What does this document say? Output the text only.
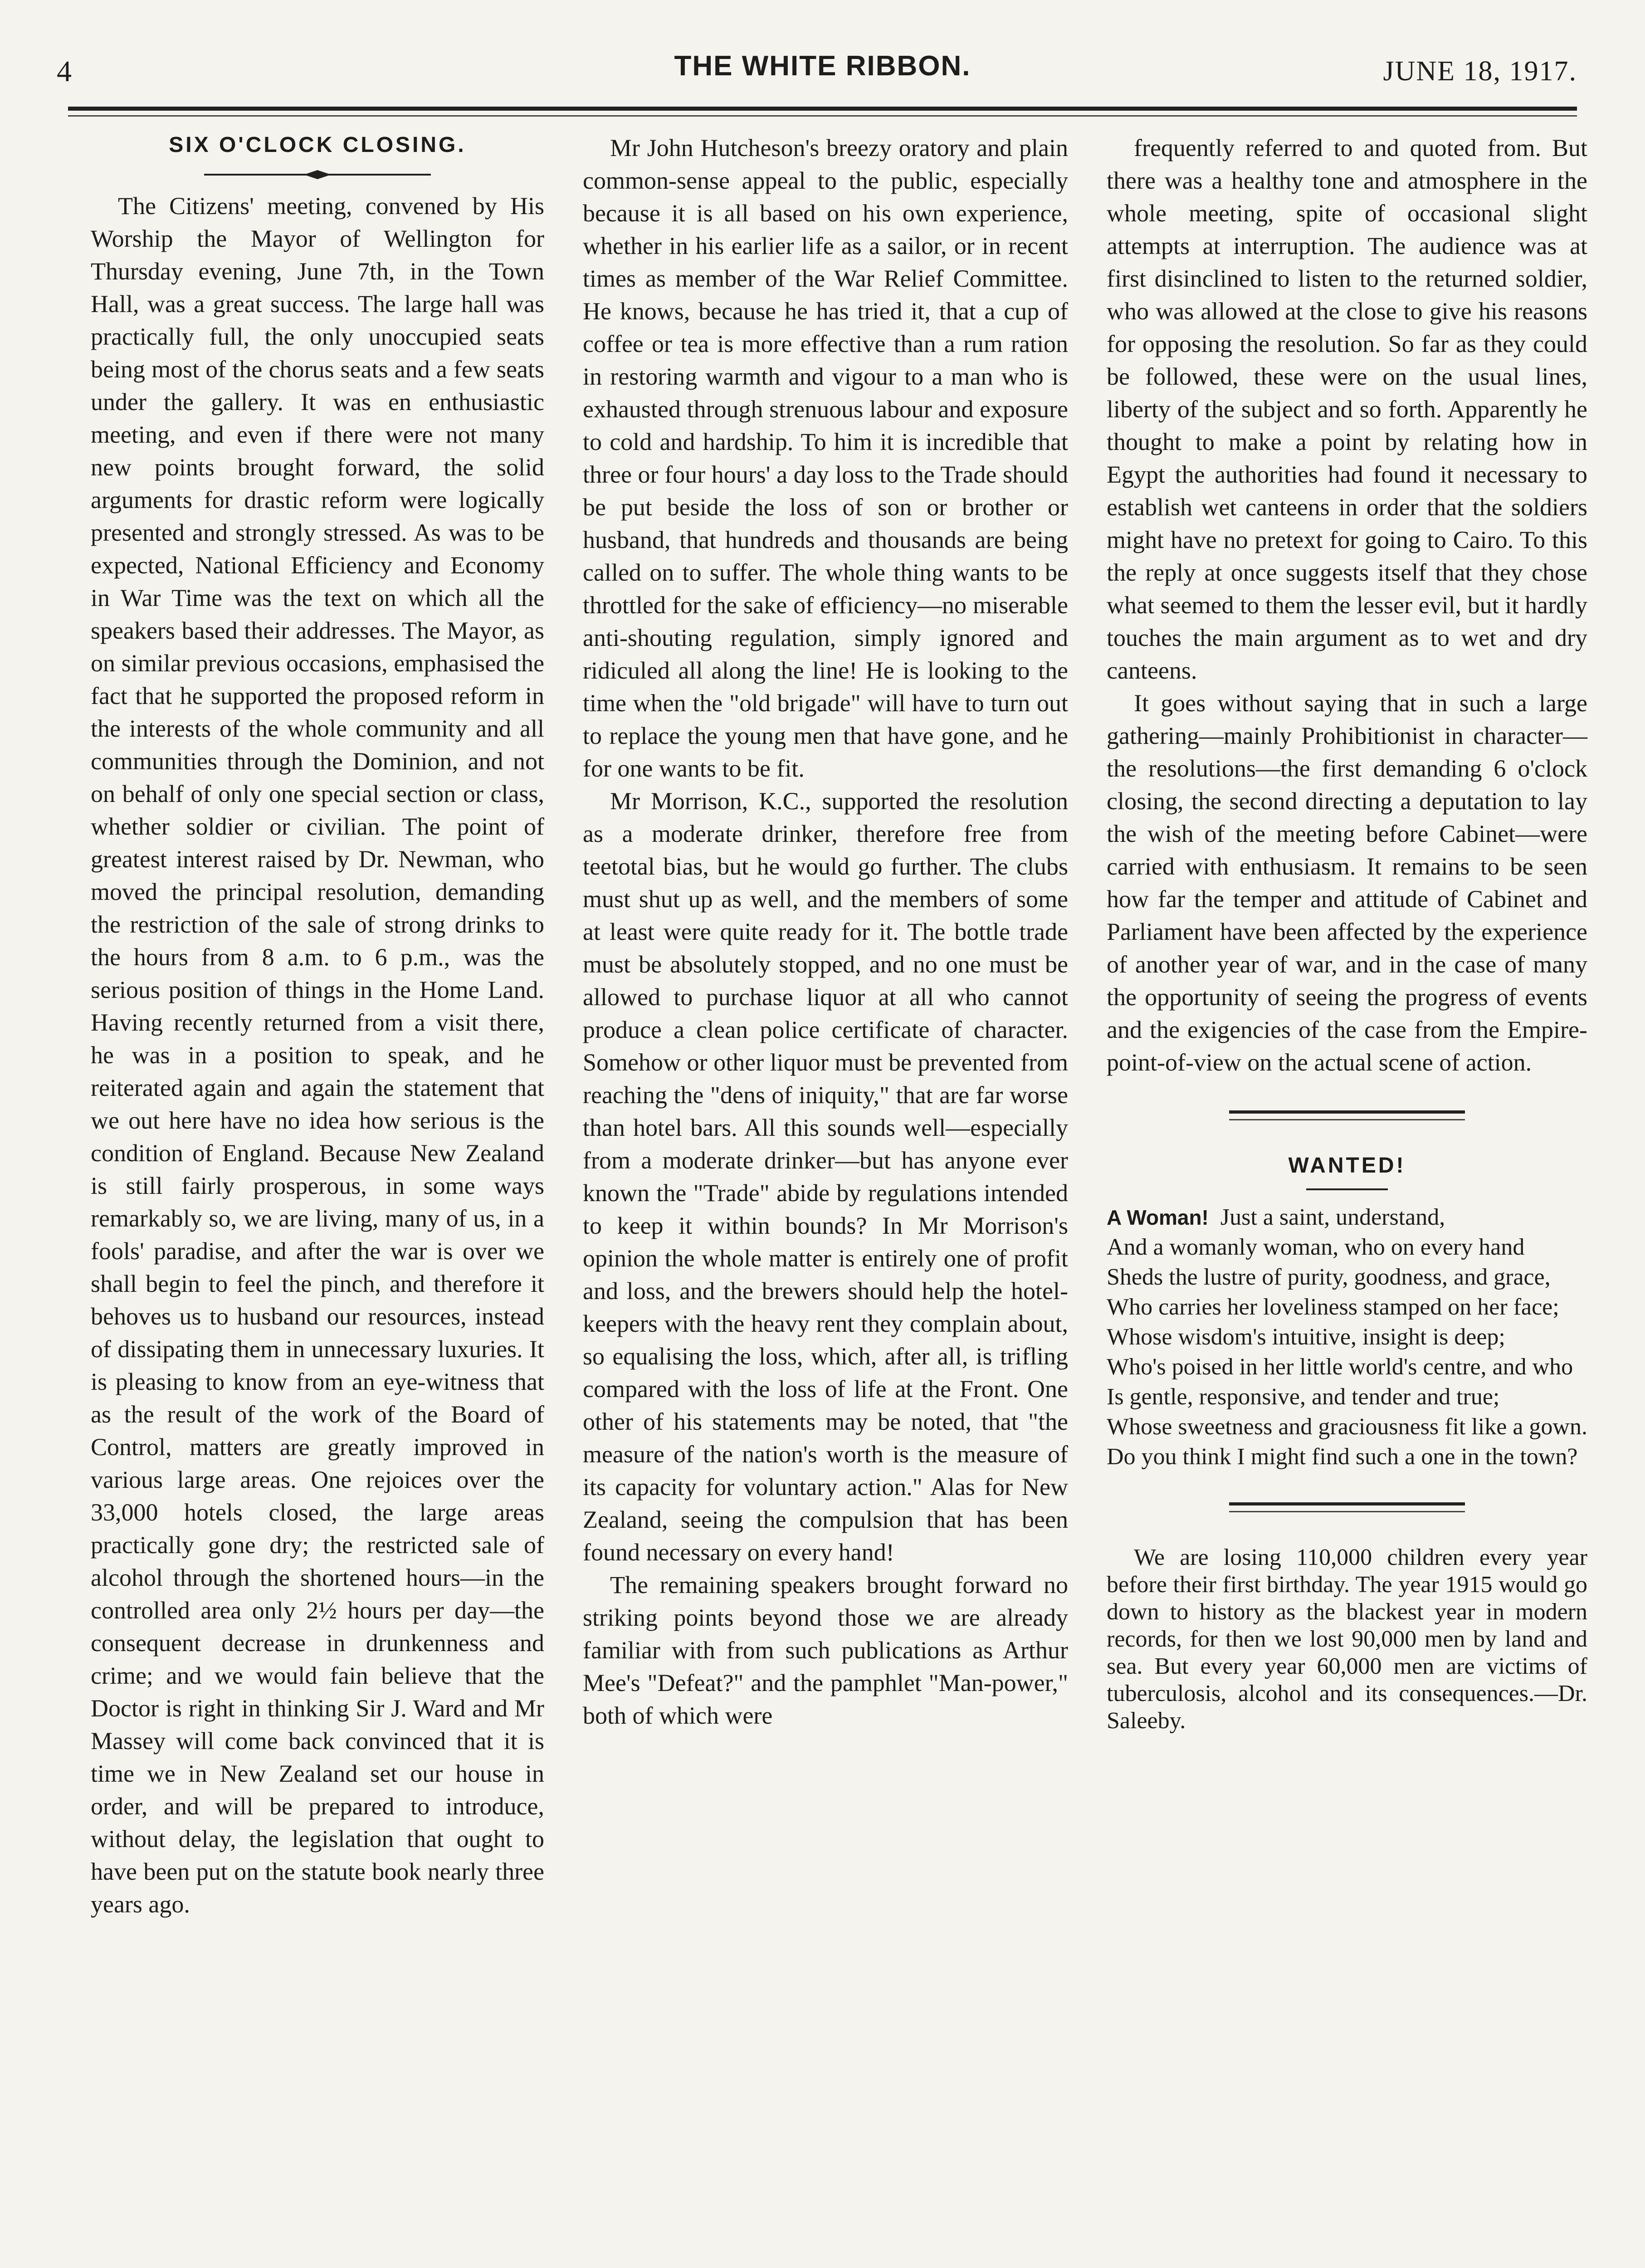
4	THE WHITE RIBBON.	JUNE 18, 1917.
SIX O'CLOCK CLOSING.

The Citizens' meeting, convened by His Worship the Mayor of Wellington for Thursday evening, June 7th, in the Town Hall, was a great success. The large hall was practically full, the only unoccupied seats being most of the chorus seats and a few seats under the gallery. It was en enthusiastic meeting, and even if there were not many new points brought forward, the solid arguments for drastic reform were logically presented and strongly stressed. As was to be expected, National Efficiency and Economy in War Time was the text on which all the speakers based their addresses. The Mayor, as on similar previous occasions, emphasised the fact that he supported the proposed reform in the interests of the whole community and all communities through the Dominion, and not on behalf of only one special section or class, whether soldier or civilian. The point of greatest interest raised by Dr. Newman, who moved the principal resolution, demanding the restriction of the sale of strong drinks to the hours from 8 a.m. to 6 p.m., was the serious position of things in the Home Land. Having recently returned from a visit there, he was in a position to speak, and he reiterated again and again the statement that we out here have no idea how serious is the condition of England. Because New Zealand is still fairly prosperous, in some ways remarkably so, we are living, many of us, in a fools' paradise, and after the war is over we shall begin to feel the pinch, and therefore it behoves us to husband our resources, instead of dissipating them in unnecessary luxuries. It is pleasing to know from an eye-witness that as the result of the work of the Board of Control, matters are greatly improved in various large areas. One rejoices over the 33,000 hotels closed, the large areas practically gone dry; the restricted sale of alcohol through the shortened hours—in the controlled area only 2½ hours per day—the consequent decrease in drunkenness and crime; and we would fain believe that the Doctor is right in thinking Sir J. Ward and Mr Massey will come back convinced that it is time we in New Zealand set our house in order, and will be prepared to introduce, without delay, the legislation that ought to have been put on the statute book nearly three years ago.

Mr John Hutcheson's breezy oratory and plain common-sense appeal to the public, especially because it is all based on his own experience, whether in his earlier life as a sailor, or in recent times as member of the War Relief Committee. He knows, because he has tried it, that a cup of coffee or tea is more effective than a rum ration in restoring warmth and vigour to a man who is exhausted through strenuous labour and exposure to cold and hardship. To him it is incredible that three or four hours' a day loss to the Trade should be put beside the loss of son or brother or husband, that hundreds and thousands are being called on to suffer. The whole thing wants to be throttled for the sake of efficiency—no miserable anti-shouting regulation, simply ignored and ridiculed all along the line! He is looking to the time when the "old brigade" will have to turn out to replace the young men that have gone, and he for one wants to be fit.

Mr Morrison, K.C., supported the resolution as a moderate drinker, therefore free from teetotal bias, but he would go further. The clubs must shut up as well, and the members of some at least were quite ready for it. The bottle trade must be absolutely stopped, and no one must be allowed to purchase liquor at all who cannot produce a clean police certificate of character. Somehow or other liquor must be prevented from reaching the "dens of iniquity," that are far worse than hotel bars. All this sounds well—especially from a moderate drinker—but has anyone ever known the "Trade" abide by regulations intended to keep it within bounds? In Mr Morrison's opinion the whole matter is entirely one of profit and loss, and the brewers should help the hotel-keepers with the heavy rent they complain about, so equalising the loss, which, after all, is trifling compared with the loss of life at the Front. One other of his statements may be noted, that "the measure of the nation's worth is the measure of its capacity for voluntary action." Alas for New Zealand, seeing the compulsion that has been found necessary on every hand!

The remaining speakers brought forward no striking points beyond those we are already familiar with from such publications as Arthur Mee's "Defeat?" and the pamphlet "Man-power," both of which were

frequently referred to and quoted from. But there was a healthy tone and atmosphere in the whole meeting, spite of occasional slight attempts at interruption. The audience was at first disinclined to listen to the returned soldier, who was allowed at the close to give his reasons for opposing the resolution. So far as they could be followed, these were on the usual lines, liberty of the subject and so forth. Apparently he thought to make a point by relating how in Egypt the authorities had found it necessary to establish wet canteens in order that the soldiers might have no pretext for going to Cairo. To this the reply at once suggests itself that they chose what seemed to them the lesser evil, but it hardly touches the main argument as to wet and dry canteens.

It goes without saying that in such a large gathering—mainly Prohibitionist in character—the resolutions—the first demanding 6 o'clock closing, the second directing a deputation to lay the wish of the meeting before Cabinet—were carried with enthusiasm. It remains to be seen how far the temper and attitude of Cabinet and Parliament have been affected by the experience of another year of war, and in the case of many the opportunity of seeing the progress of events and the exigencies of the case from the Empire-point-of-view on the actual scene of action.

WANTED!
A Woman! Just a saint, understand,
And a womanly woman, who on every hand
Sheds the lustre of purity, goodness, and grace,
Who carries her loveliness stamped on her face;
Whose wisdom's intuitive, insight is deep;
Who's poised in her little world's centre, and who
Is gentle, responsive, and tender and true;
Whose sweetness and graciousness fit like a gown.
Do you think I might find such a one in the town?

We are losing 110,000 children every year before their first birthday. The year 1915 would go down to history as the blackest year in modern records, for then we lost 90,000 men by land and sea. But every year 60,000 men are victims of tuberculosis, alcohol and its consequences.—Dr. Saleeby.
